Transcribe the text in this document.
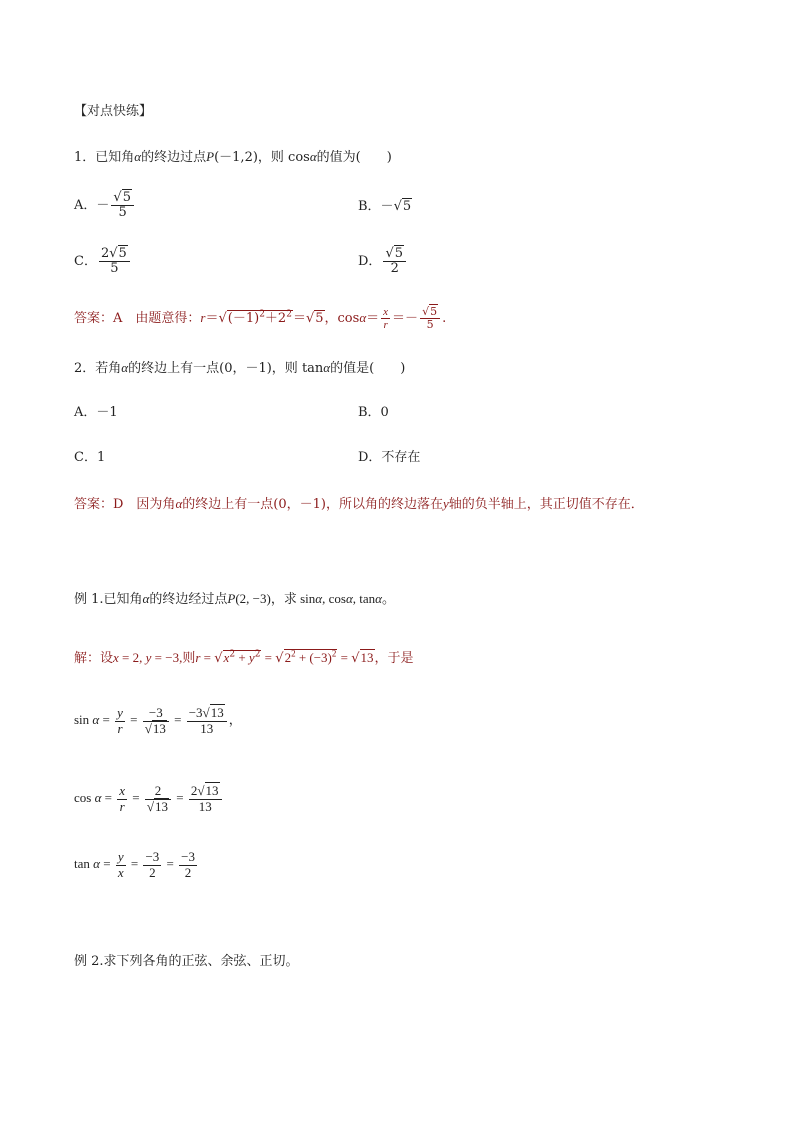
【对点快练】
1．已知角α的终边过点P(－1,2)，则 cosα的值为(　　)
A．－ $\frac{√5}{5}$	B．－√5
C． $\frac{2√5}{5}$	D． $\frac{√5}{2}$
答案：A　由题意得：$r=√(-1)^2+2^2=√5$，$\cos\alpha= \frac{x}{r} =- \frac{√5}{5}$ .
2．若角α的终边上有一点(0，－1)，则 tanα的值是(　　)
A．－1	B．0
C．1	D．不存在
答案：D　因为角α的终边上有一点(0，－1)，所以角的终边落在y轴的负半轴上，其正切值不存在．
例 1.已知角α的终边经过点P(2, −3)，求 sinα, cosα, tanα。
解：设x = 2, y = −3,则$r = √x^2 + y^2 = √2^2 + (-3)^2 = √13$，于是
$\sin \alpha = \frac{y}{r} = \frac{-3}{√13} = \frac{-3√13}{13}$ ，
$\cos \alpha = \frac{x}{r} = \frac{2}{√13} = \frac{2√13}{13}$
$\tan \alpha = \frac{y}{x} = \frac{-3}{2} = \frac{-3}{2}$
例 2.求下列各角的正弦、余弦、正切。
